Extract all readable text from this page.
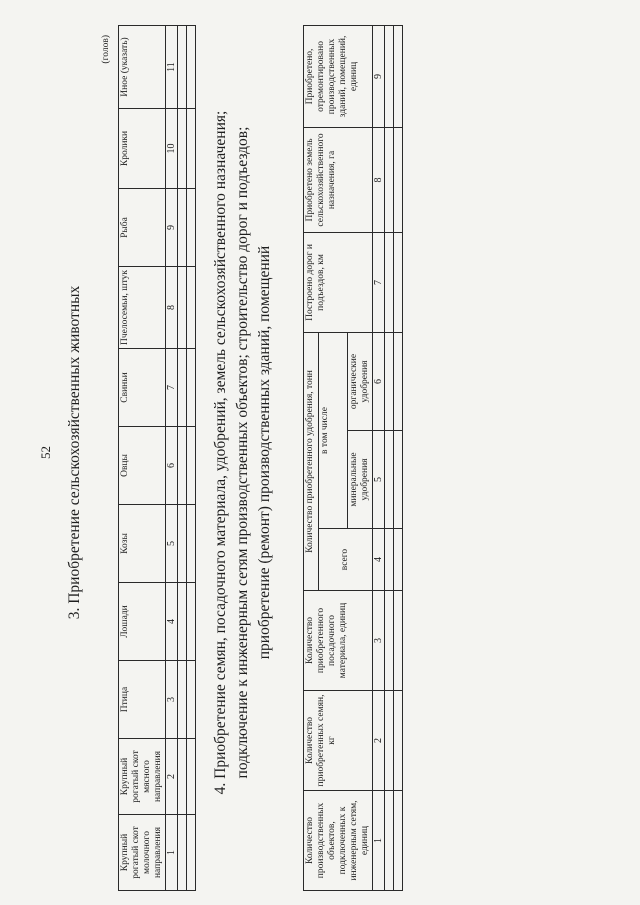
52 3. Приобретение сельскохозяйственных животных
(голов)
Крупный рогатый скот молочного направления	Крупный рогатый скот мясного направления	Птица	Лошади	Козы	Овцы	Свиньи	Пчелосемьи, штук	Рыба	Кролики	Иное (указать)
1	2	3	4	5	6	7	8	9	10	11

4. Приобретение семян, посадочного материала, удобрений, земель сельскохозяйственного назначения; подключение к инженерным сетям производственных объектов; строительство дорог и подъездов; приобретение (ремонт) производственных зданий, помещений
Количество производственных объектов, подключенных к инженерным сетям, единиц	Количество приобретенных семян, кг	Количество приобретенного посадочного материала, единиц	Количество приобретенного удобрения, тонн			Построено дорог и подъездов, км	Приобретено земель сельскохозяйственного назначения, га	Приобретено, отремонтировано производственных зданий, помещений, единиц
			всего	в том числе				
				минеральные удобрения	органические удобрения			
1	2	3	4	5	6	7	8	9
